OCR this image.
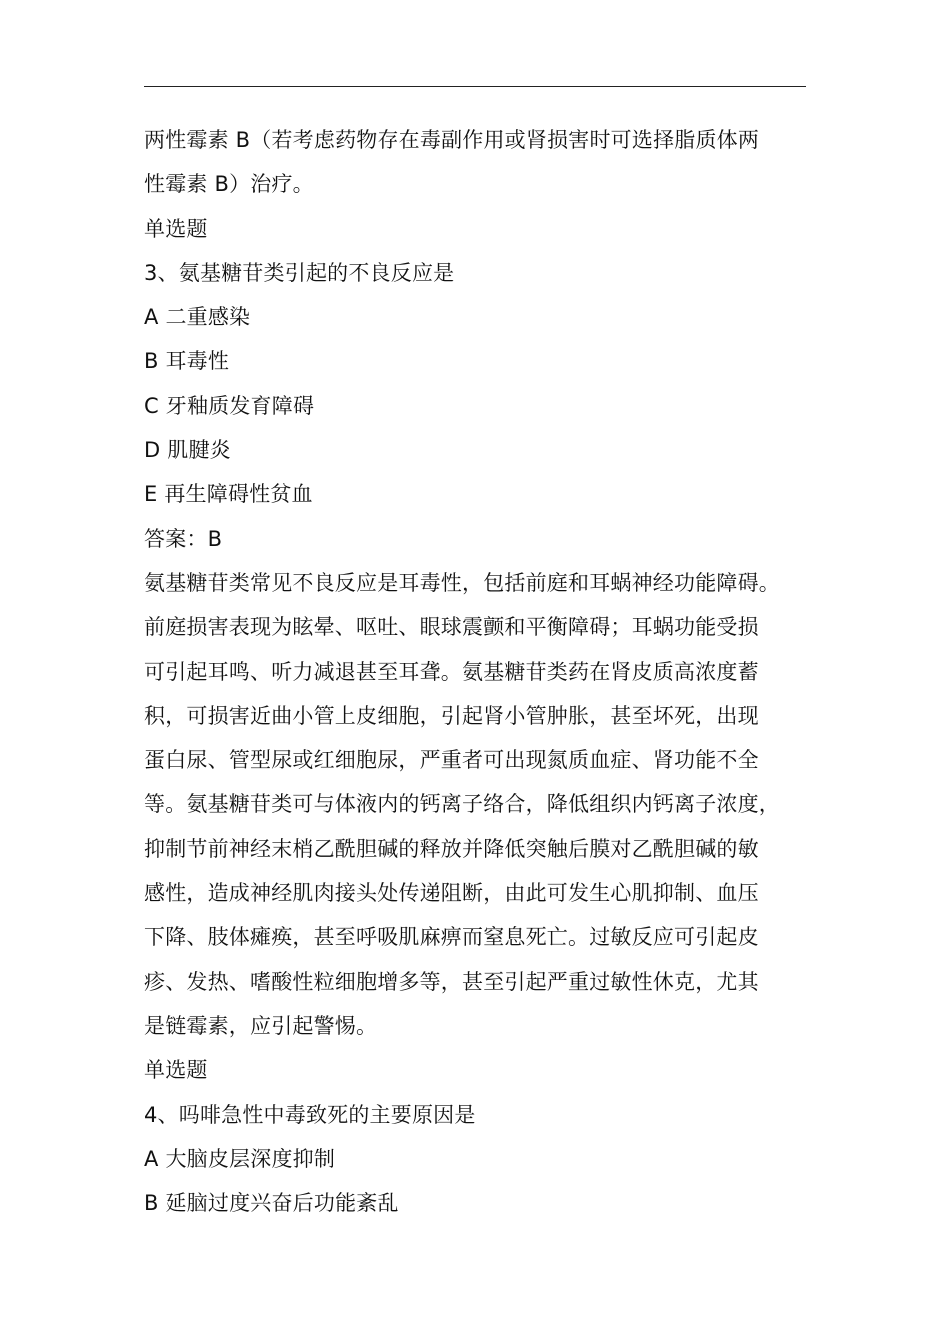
两性霉素 B（若考虑药物存在毒副作用或肾损害时可选择脂质体两

性霉素 B）治疗。

单选题

3、氨基糖苷类引起的不良反应是

A 二重感染

B 耳毒性

C 牙釉质发育障碍

D 肌腱炎

E 再生障碍性贫血

答案：B

氨基糖苷类常见不良反应是耳毒性，包括前庭和耳蜗神经功能障碍。

前庭损害表现为眩晕、呕吐、眼球震颤和平衡障碍；耳蜗功能受损

可引起耳鸣、听力减退甚至耳聋。氨基糖苷类药在肾皮质高浓度蓄

积，可损害近曲小管上皮细胞，引起肾小管肿胀，甚至坏死，出现

蛋白尿、管型尿或红细胞尿，严重者可出现氮质血症、肾功能不全

等。氨基糖苷类可与体液内的钙离子络合，降低组织内钙离子浓度，

抑制节前神经末梢乙酰胆碱的释放并降低突触后膜对乙酰胆碱的敏

感性，造成神经肌肉接头处传递阻断，由此可发生心肌抑制、血压

下降、肢体瘫痪，甚至呼吸肌麻痹而窒息死亡。过敏反应可引起皮

疹、发热、嗜酸性粒细胞增多等，甚至引起严重过敏性休克，尤其

是链霉素，应引起警惕。

单选题

4、吗啡急性中毒致死的主要原因是

A 大脑皮层深度抑制

B 延脑过度兴奋后功能紊乱
